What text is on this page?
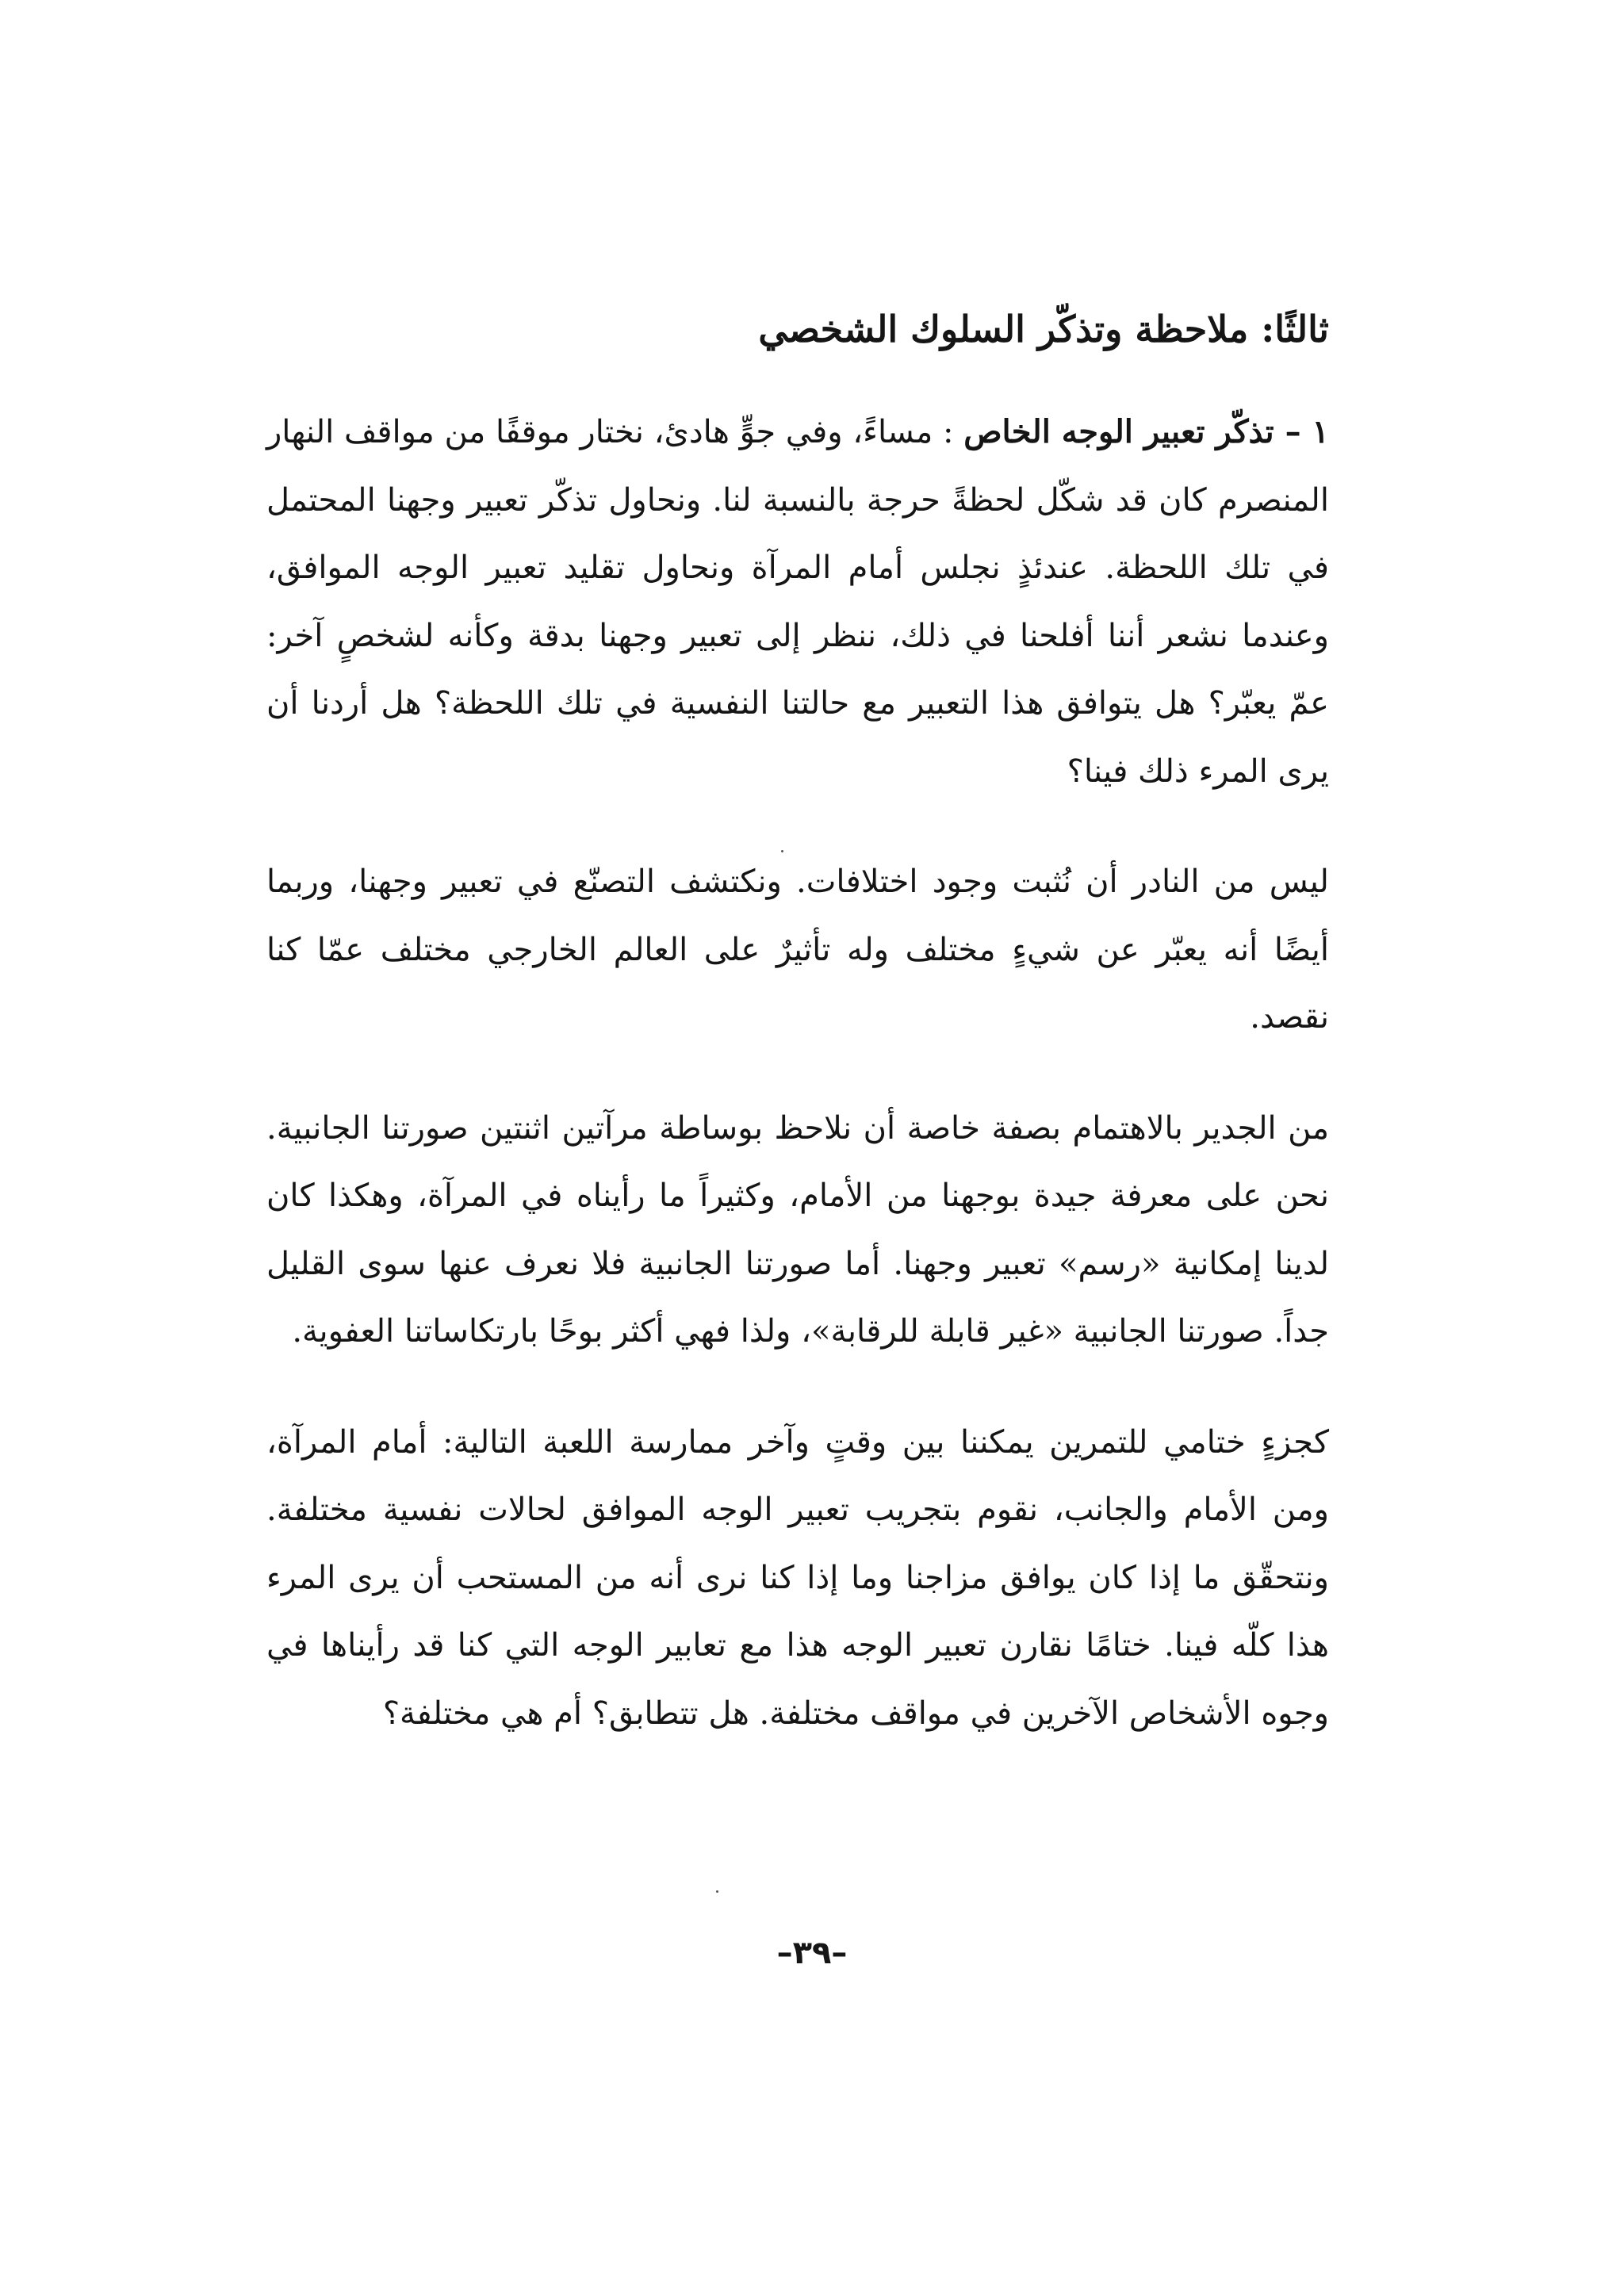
ثالثًا: ملاحظة وتذكّر السلوك الشخصي

١ – تذكّر تعبير الوجه الخاص : مساءً، وفي جوٍّ هادئ، نختار موقفًا من مواقف النهار المنصرم كان قد شكّل لحظةً حرجة بالنسبة لنا. ونحاول تذكّر تعبير وجهنا المحتمل في تلك اللحظة. عندئذٍ نجلس أمام المرآة ونحاول تقليد تعبير الوجه الموافق، وعندما نشعر أننا أفلحنا في ذلك، ننظر إلى تعبير وجهنا بدقة وكأنه لشخصٍ آخر: عمّ يعبّر؟ هل يتوافق هذا التعبير مع حالتنا النفسية في تلك اللحظة؟ هل أردنا أن يرى المرء ذلك فينا؟

ليس من النادر أن نُثبت وجود اختلافات. ونكتشف التصنّع في تعبير وجهنا، وربما أيضًا أنه يعبّر عن شيءٍ مختلف وله تأثيرٌ على العالم الخارجي مختلف عمّا كنا نقصد.

من الجدير بالاهتمام بصفة خاصة أن نلاحظ بوساطة مرآتين اثنتين صورتنا الجانبية. نحن على معرفة جيدة بوجهنا من الأمام، وكثيراً ما رأيناه في المرآة، وهكذا كان لدينا إمكانية «رسم» تعبير وجهنا. أما صورتنا الجانبية فلا نعرف عنها سوى القليل جداً. صورتنا الجانبية «غير قابلة للرقابة»، ولذا فهي أكثر بوحًا بارتكاساتنا العفوية.

كجزءٍ ختامي للتمرين يمكننا بين وقتٍ وآخر ممارسة اللعبة التالية: أمام المرآة، ومن الأمام والجانب، نقوم بتجريب تعبير الوجه الموافق لحالات نفسية مختلفة. ونتحقّق ما إذا كان يوافق مزاجنا وما إذا كنا نرى أنه من المستحب أن يرى المرء هذا كلّه فينا. ختامًا نقارن تعبير الوجه هذا مع تعابير الوجه التي كنا قد رأيناها في وجوه الأشخاص الآخرين في مواقف مختلفة. هل تتطابق؟ أم هي مختلفة؟

–٣٩–
